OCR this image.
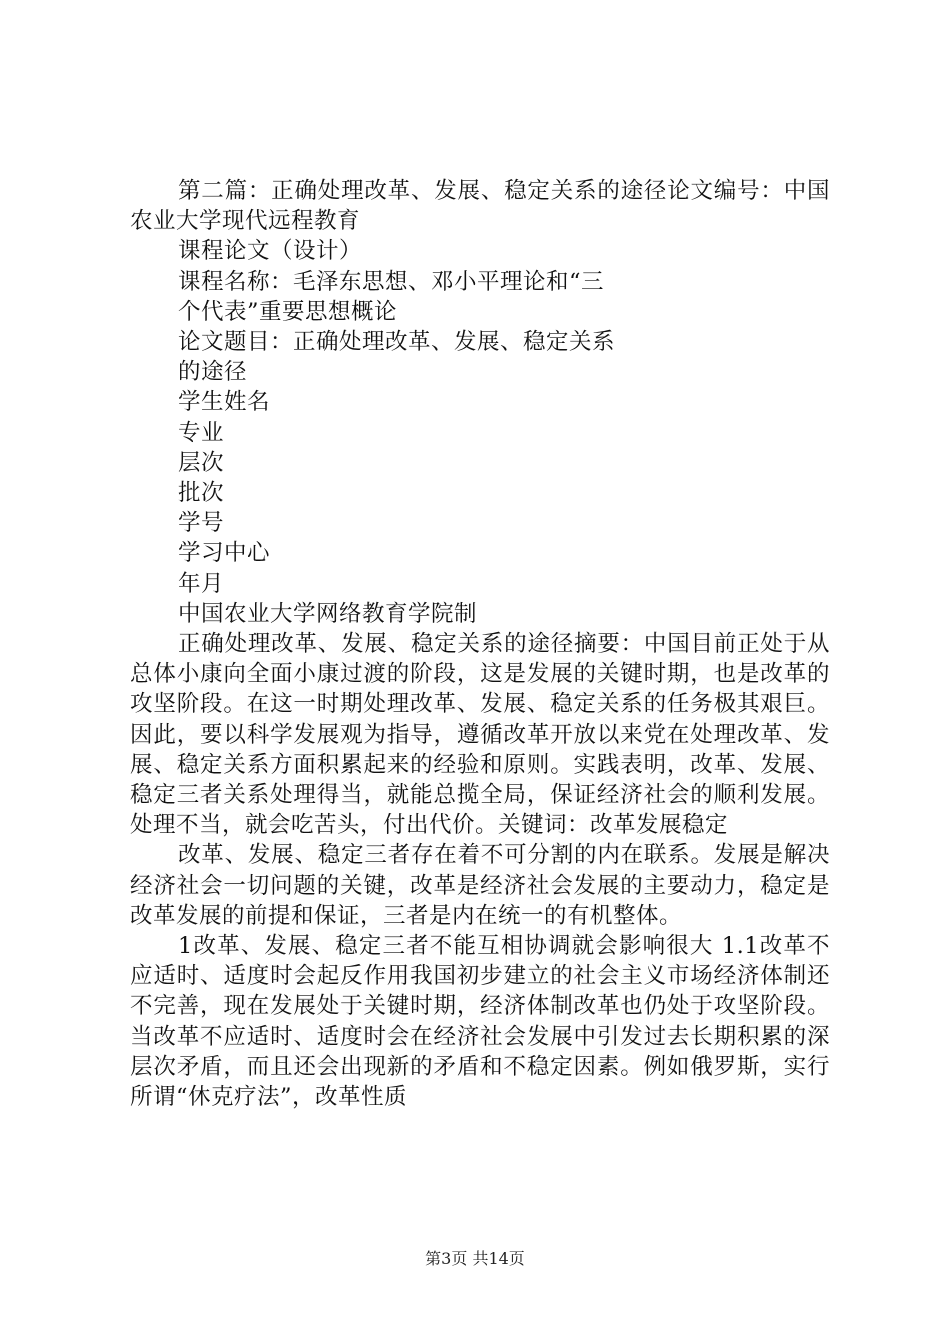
第二篇：正确处理改革、发展、稳定关系的途径论文编号：中国农业大学现代远程教育

课程论文（设计）

课程名称：毛泽东思想、邓小平理论和“三

个代表”重要思想概论

论文题目：正确处理改革、发展、稳定关系

的途径

学生姓名

专业

层次

批次

学号

学习中心

年月

中国农业大学网络教育学院制

正确处理改革、发展、稳定关系的途径摘要：中国目前正处于从总体小康向全面小康过渡的阶段，这是发展的关键时期，也是改革的攻坚阶段。在这一时期处理改革、发展、稳定关系的任务极其艰巨。因此，要以科学发展观为指导，遵循改革开放以来党在处理改革、发展、稳定关系方面积累起来的经验和原则。实践表明，改革、发展、稳定三者关系处理得当，就能总揽全局，保证经济社会的顺利发展。处理不当，就会吃苦头，付出代价。关键词：改革发展稳定

改革、发展、稳定三者存在着不可分割的内在联系。发展是解决经济社会一切问题的关键，改革是经济社会发展的主要动力，稳定是改革发展的前提和保证，三者是内在统一的有机整体。

1改革、发展、稳定三者不能互相协调就会影响很大 1.1改革不应适时、适度时会起反作用我国初步建立的社会主义市场经济体制还不完善，现在发展处于关键时期，经济体制改革也仍处于攻坚阶段。当改革不应适时、适度时会在经济社会发展中引发过去长期积累的深层次矛盾，而且还会出现新的矛盾和不稳定因素。例如俄罗斯，实行所谓“休克疗法”，改革性质

第3页 共14页
